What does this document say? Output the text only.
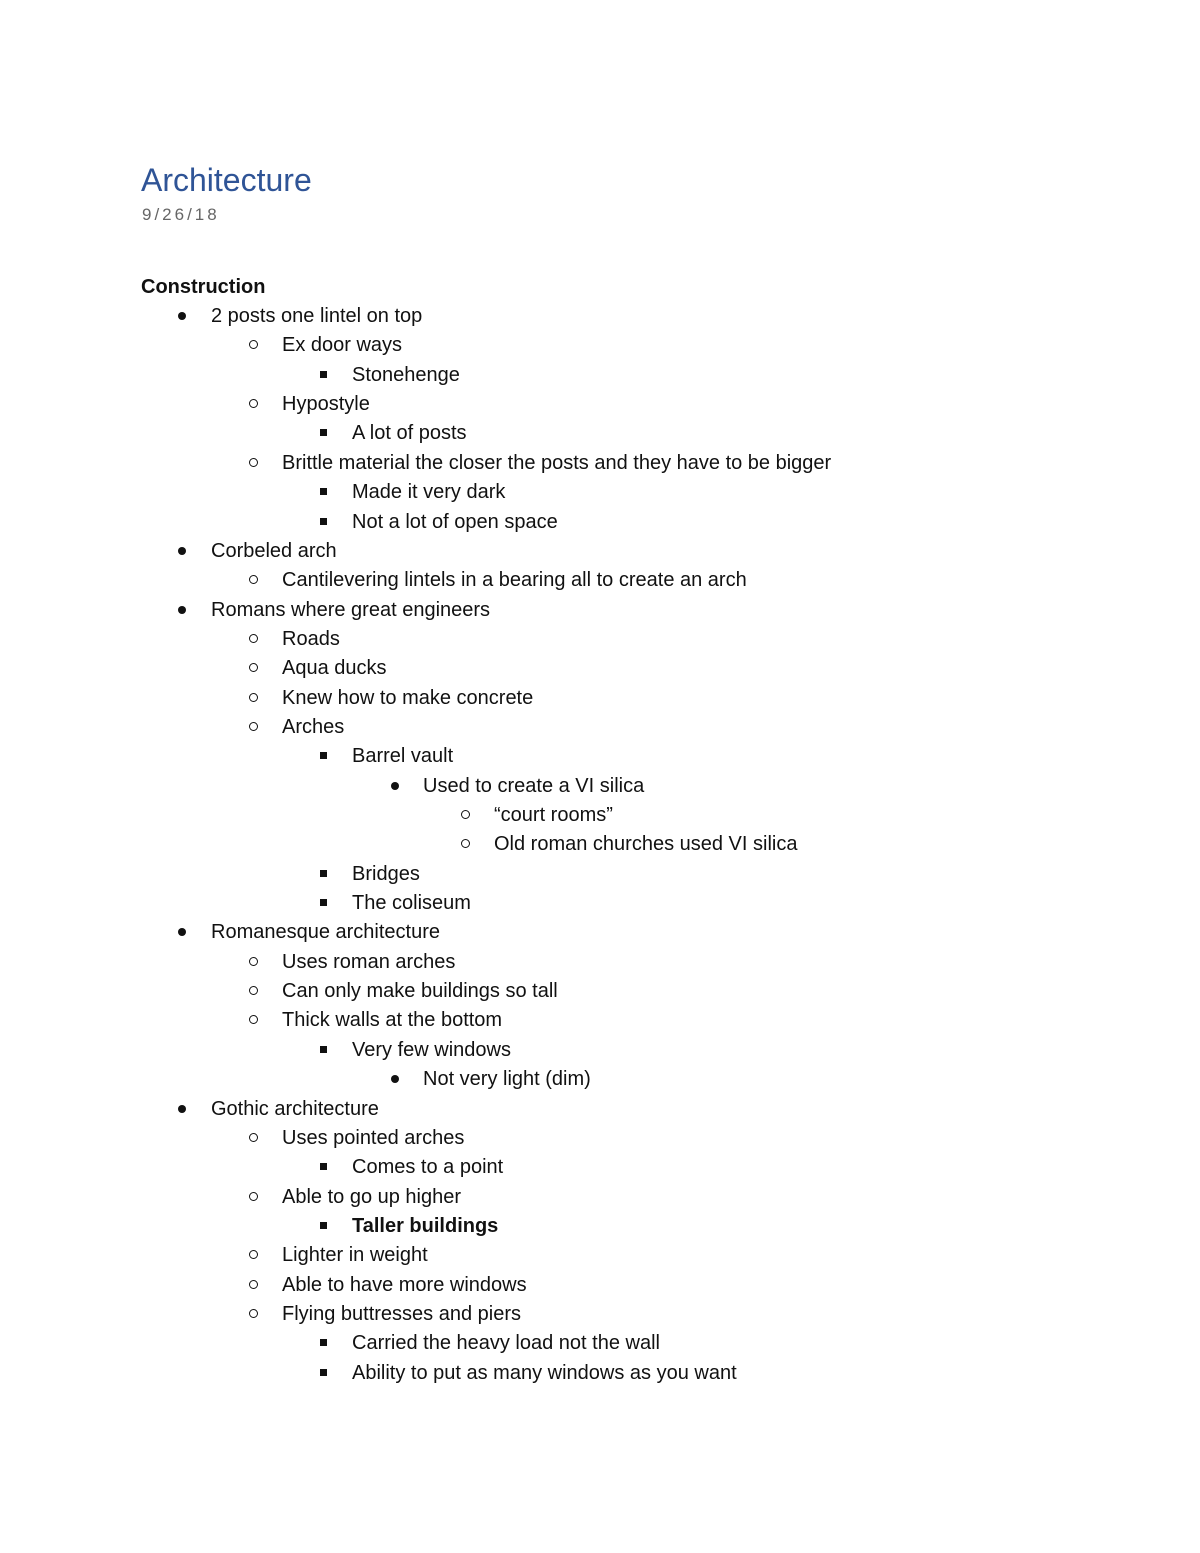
Architecture
9/26/18
Construction
2 posts one lintel on top
Ex door ways
Stonehenge
Hypostyle
A lot of posts
Brittle material the closer the posts and they have to be bigger
Made it very dark
Not a lot of open space
Corbeled arch
Cantilevering lintels in a bearing all to create an arch
Romans where great engineers
Roads
Aqua ducks
Knew how to make concrete
Arches
Barrel vault
Used to create a VI silica
“court rooms”
Old roman churches used VI silica
Bridges
The coliseum
Romanesque architecture
Uses roman arches
Can only make buildings so tall
Thick walls at the bottom
Very few windows
Not very light (dim)
Gothic architecture
Uses pointed arches
Comes to a point
Able to go up higher
Taller buildings
Lighter in weight
Able to have more windows
Flying buttresses and piers
Carried the heavy load not the wall
Ability to put as many windows as you want
